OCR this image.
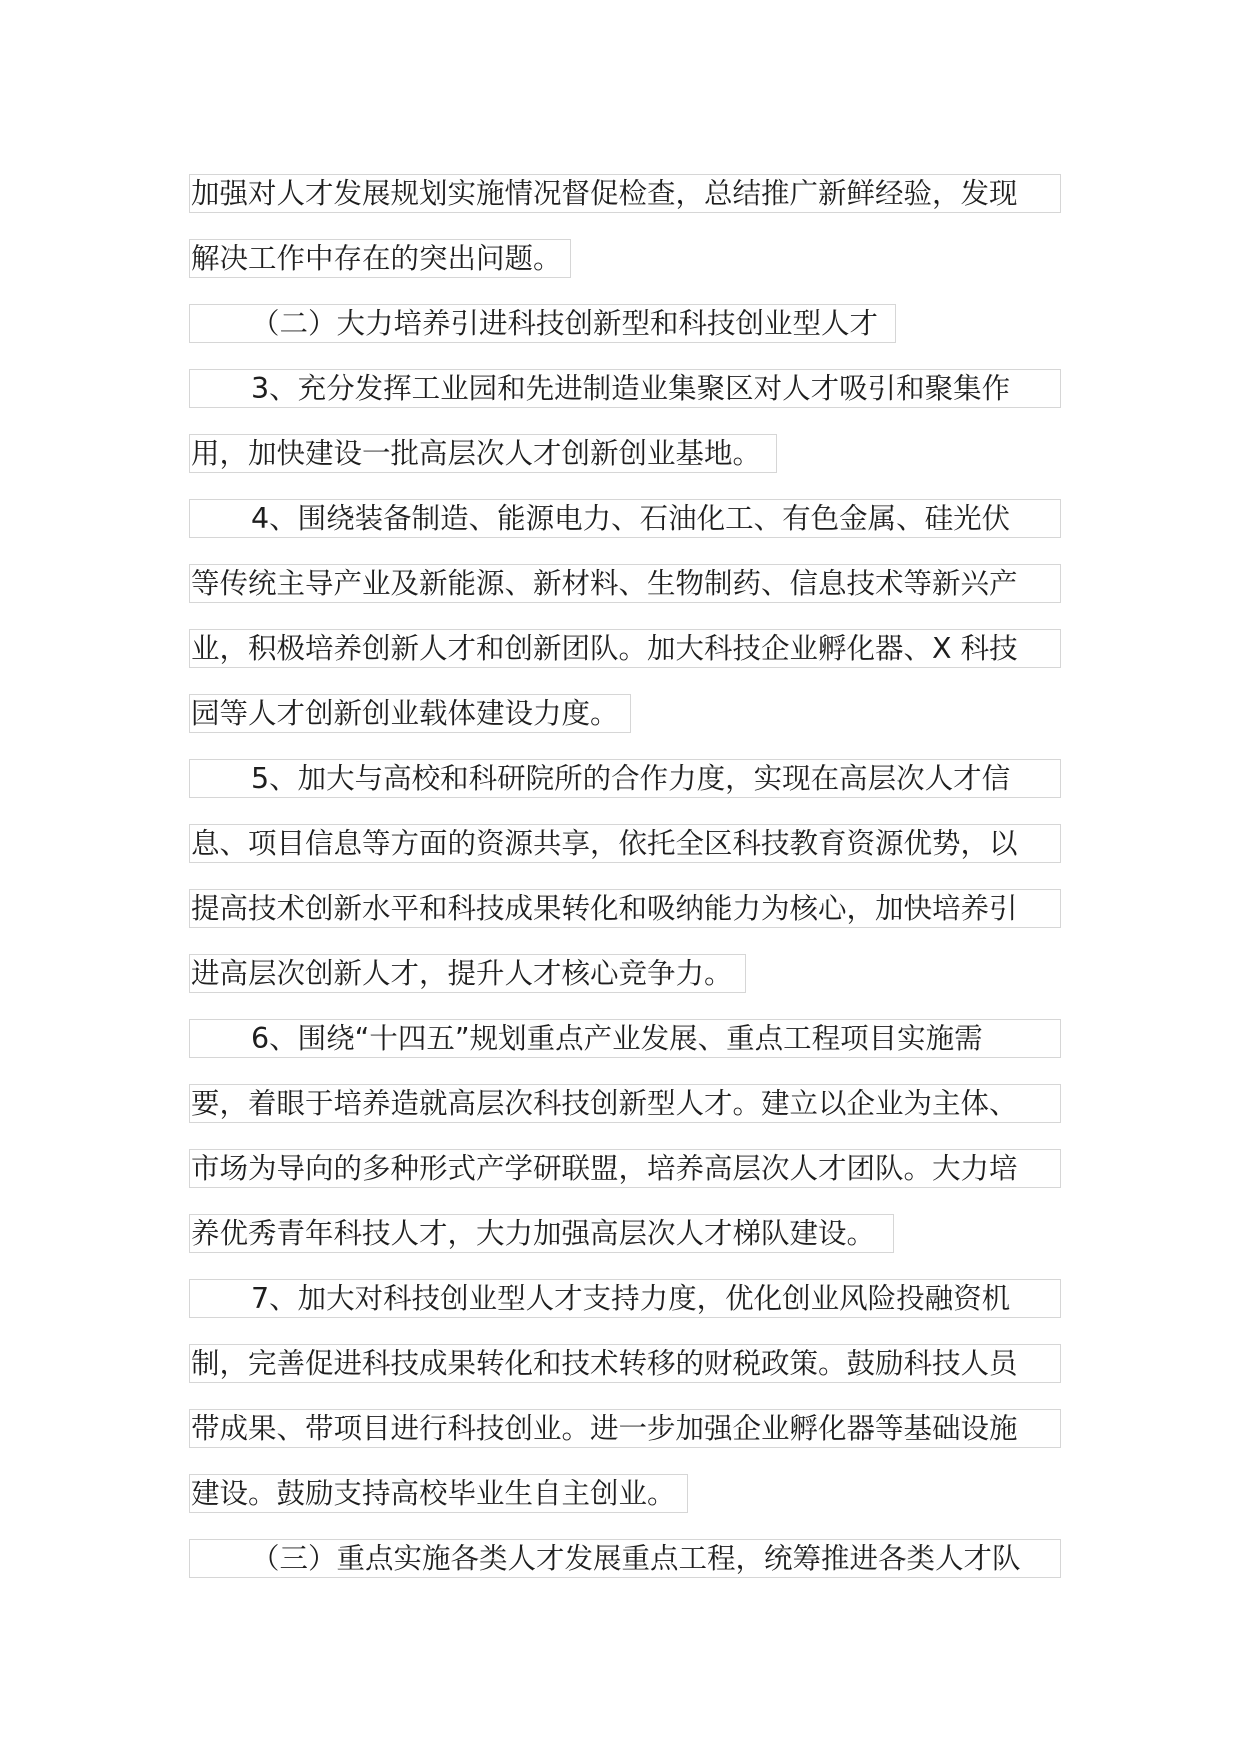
加强对人才发展规划实施情况督促检查，总结推广新鲜经验，发现
解决工作中存在的突出问题。
（二）大力培养引进科技创新型和科技创业型人才
3、充分发挥工业园和先进制造业集聚区对人才吸引和聚集作
用，加快建设一批高层次人才创新创业基地。
4、围绕装备制造、能源电力、石油化工、有色金属、硅光伏
等传统主导产业及新能源、新材料、生物制药、信息技术等新兴产
业，积极培养创新人才和创新团队。加大科技企业孵化器、X 科技
园等人才创新创业载体建设力度。
5、加大与高校和科研院所的合作力度，实现在高层次人才信
息、项目信息等方面的资源共享，依托全区科技教育资源优势，以
提高技术创新水平和科技成果转化和吸纳能力为核心，加快培养引
进高层次创新人才，提升人才核心竞争力。
6、围绕“十四五”规划重点产业发展、重点工程项目实施需
要，着眼于培养造就高层次科技创新型人才。建立以企业为主体、
市场为导向的多种形式产学研联盟，培养高层次人才团队。大力培
养优秀青年科技人才，大力加强高层次人才梯队建设。
7、加大对科技创业型人才支持力度，优化创业风险投融资机
制，完善促进科技成果转化和技术转移的财税政策。鼓励科技人员
带成果、带项目进行科技创业。进一步加强企业孵化器等基础设施
建设。鼓励支持高校毕业生自主创业。
（三）重点实施各类人才发展重点工程，统筹推进各类人才队
